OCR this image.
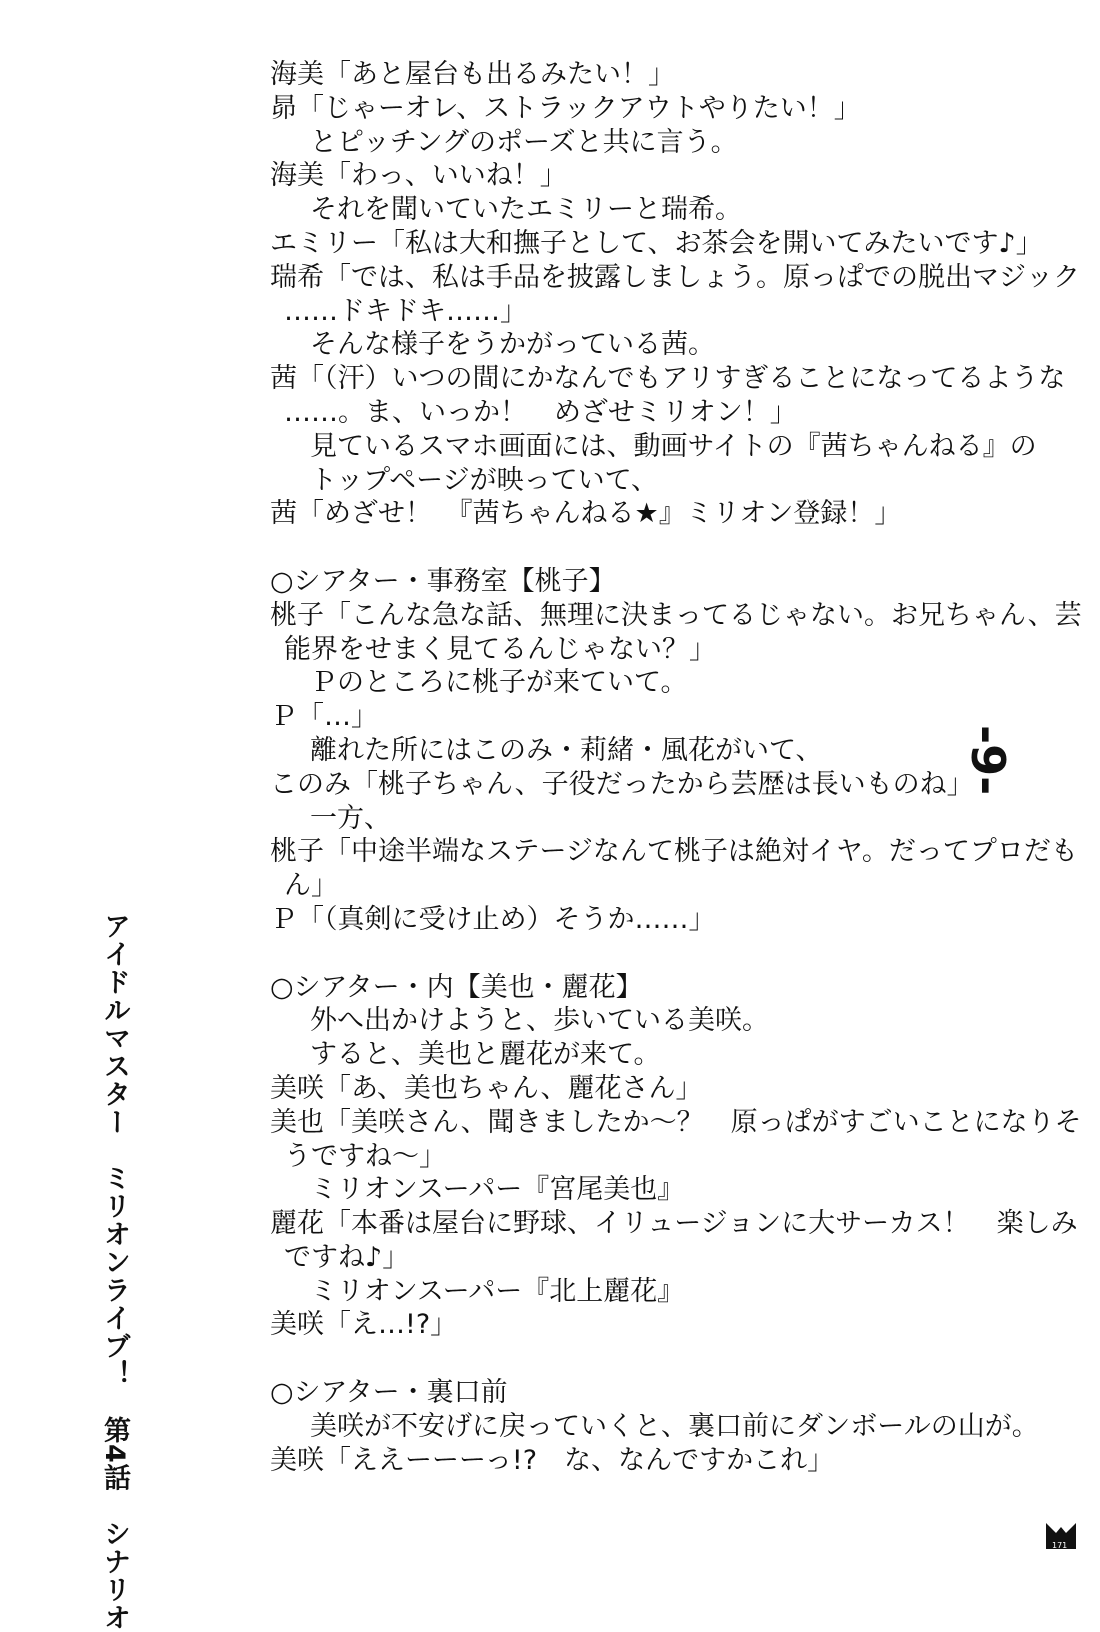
海美「あと屋台も出るみたい！」
昴「じゃーオレ、ストラックアウトやりたい！」
とピッチングのポーズと共に言う。
海美「わっ、いいね！」
それを聞いていたエミリーと瑞希。
エミリー「私は大和撫子として、お茶会を開いてみたいです♪」
瑞希「では、私は手品を披露しましょう。原っぱでの脱出マジック
……ドキドキ……」
そんな様子をうかがっている茜。
茜「（汗）いつの間にかなんでもアリすぎることになってるような
……。ま、いっか！　めざせミリオン！」
見ているスマホ画面には、動画サイトの『茜ちゃんねる』の
トップページが映っていて、
茜「めざせ！　『茜ちゃんねる★』ミリオン登録！」
○シアター・事務室【桃子】
桃子「こんな急な話、無理に決まってるじゃない。お兄ちゃん、芸
能界をせまく見てるんじゃない？」
Ｐのところに桃子が来ていて。
Ｐ「…」
離れた所にはこのみ・莉緒・風花がいて、
このみ「桃子ちゃん、子役だったから芸歴は長いものね」
一方、
桃子「中途半端なステージなんて桃子は絶対イヤ。だってプロだも
ん」
Ｐ「（真剣に受け止め）そうか……」
○シアター・内【美也・麗花】
外へ出かけようと、歩いている美咲。
すると、美也と麗花が来て。
美咲「あ、美也ちゃん、麗花さん」
美也「美咲さん、聞きましたか～？　原っぱがすごいことになりそ
うですね～」
ミリオンスーパー『宮尾美也』
麗花「本番は屋台に野球、イリュージョンに大サーカス！　楽しみ
ですね♪」
ミリオンスーパー『北上麗花』
美咲「え…!?」
○シアター・裏口前
美咲が不安げに戻っていくと、裏口前にダンボールの山が。
美咲「ええーーーっ!?　な、なんですかこれ」
アイドルマスター　ミリオンライブ！　第4話　シナリオ
-9-
171
